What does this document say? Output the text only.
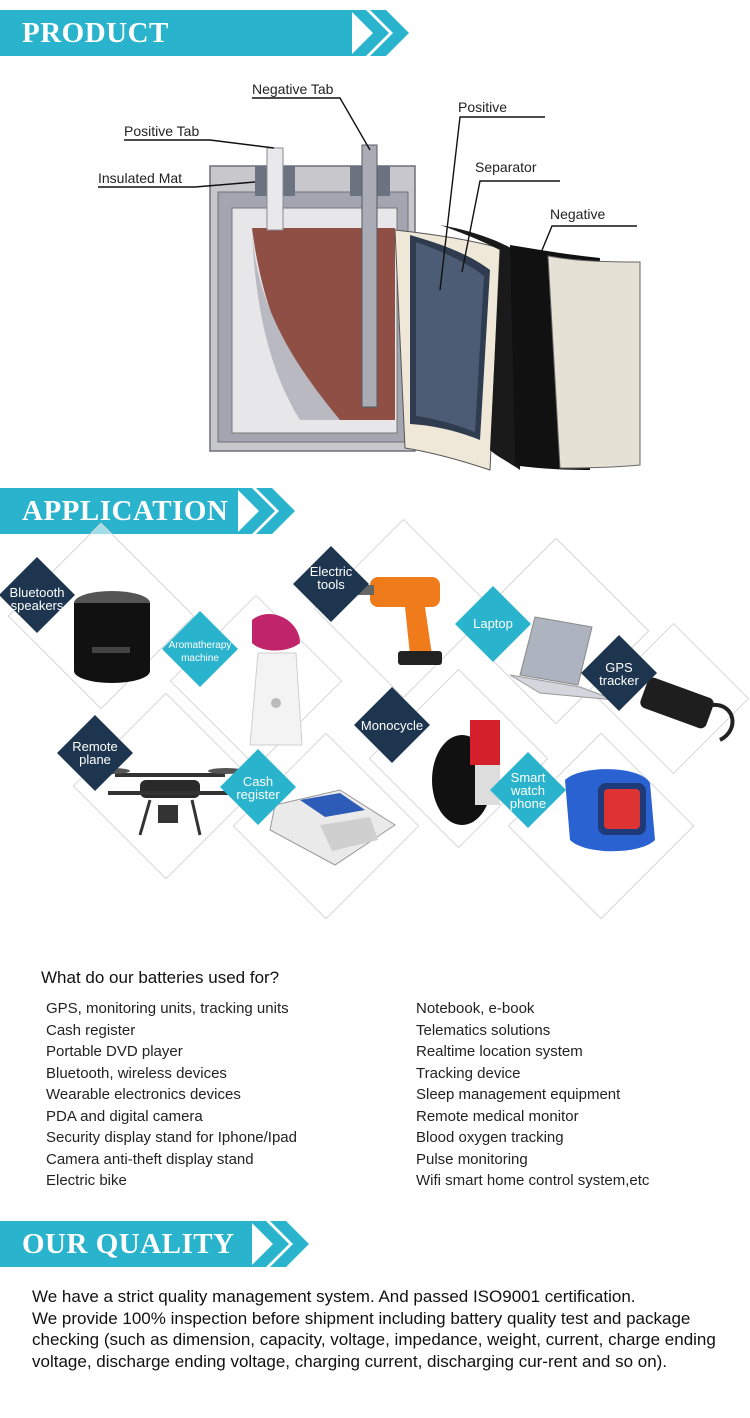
PRODUCT STRUCTURE	Negative Tab
Positive Tab
Insulated Mat
Positive
Separator
Negative
APPLICATION
Bluetooth
speakers
Aromatherapy
machine
Electric
tools
Laptop
GPS
tracker
Remote
plane
Cash
register
Monocycle
Smart
watch
phone
What do our batteries used for?
GPS, monitoring units, tracking units
Cash register
Portable DVD player
Bluetooth, wireless devices
Wearable electronics devices
PDA and digital camera
Security display stand for Iphone/Ipad
Camera anti-theft display stand
Electric bike
Notebook, e-book
Telematics solutions
Realtime location system
Tracking device
Sleep management equipment
Remote medical monitor
Blood oxygen tracking
Pulse monitoring
Wifi smart home control system,etc
OUR QUALITY

We have a strict quality management system. And passed ISO9001 certification.

We provide 100% inspection before shipment including battery quality test and package checking (such as dimension, capacity, voltage, impedance, weight, current, charge ending voltage, discharge ending voltage, charging current, discharging cur-rent and so on).
